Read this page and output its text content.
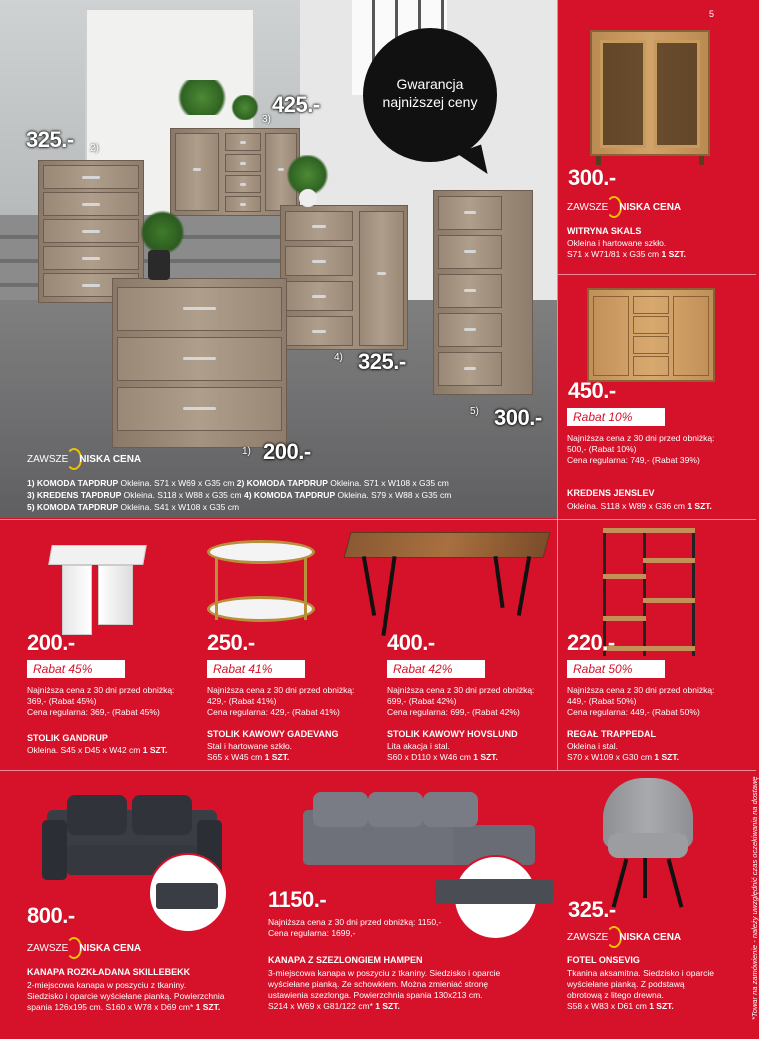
325.- 2)
425.-
3)
325.-
4)
300.-
5)
200.-
1)
ZAWSZE NISKA CENA
1) KOMODA TAPDRUP Okleina. S71 x W69 x G35 cm 2) KOMODA TAPDRUP Okleina. S71 x W108 x G35 cm
3) KREDENS TAPDRUP Okleina. S118 x W88 x G35 cm 4) KOMODA TAPDRUP Okleina. S79 x W88 x G35 cm
5) KOMODA TAPDRUP Okleina. S41 x W108 x G35 cm
Gwarancja
najniższej ceny
5
300.-
ZAWSZE NISKA CENA
WITRYNA SKALS
Okleina i hartowane szkło.
S71 x W71/81 x G35 cm 1 SZT.
450.-
Rabat 10%
Najniższa cena z 30 dni przed obniżką:
500,- (Rabat 10%)
Cena regularna: 749,- (Rabat 39%)
KREDENS JENSLEV
Okleina. S118 x W89 x G36 cm 1 SZT.
200.-
Rabat 45%
Najniższa cena z 30 dni przed obniżką:
369,- (Rabat 45%)
Cena regularna: 369,- (Rabat 45%)
STOLIK GANDRUP
Okleina. S45 x D45 x W42 cm 1 SZT.
250.-
Rabat 41%
Najniższa cena z 30 dni przed obniżką:
429,- (Rabat 41%)
Cena regularna: 429,- (Rabat 41%)
STOLIK KAWOWY GADEVANG
Stal i hartowane szkło.
S65 x W45 cm 1 SZT.
400.-
Rabat 42%
Najniższa cena z 30 dni przed obniżką:
699,- (Rabat 42%)
Cena regularna: 699,- (Rabat 42%)
STOLIK KAWOWY HOVSLUND
Lita akacja i stal.
S60 x D110 x W46 cm 1 SZT.
220.-
Rabat 50%
Najniższa cena z 30 dni przed obniżką:
449,- (Rabat 50%)
Cena regularna: 449,- (Rabat 50%)
REGAŁ TRAPPEDAL
Okleina i stal.
S70 x W109 x G30 cm 1 SZT.
800.-
ZAWSZE NISKA CENA
KANAPA ROZKŁADANA SKILLEBEKK
2-miejscowa kanapa w poszyciu z tkaniny.
Siedzisko i oparcie wyściełane pianką. Powierzchnia
spania 126x195 cm. S160 x W78 x D69 cm* 1 SZT.
1150.-
Najniższa cena z 30 dni przed obniżką: 1150,-
Cena regularna: 1699,-
KANAPA Z SZEZLONGIEM HAMPEN
3-miejscowa kanapa w poszyciu z tkaniny. Siedzisko i oparcie
wyściełane pianką. Ze schowkiem. Można zmieniać stronę
ustawienia szezlonga. Powierzchnia spania 130x213 cm.
S214 x W69 x G81/122 cm* 1 SZT.
325.-
ZAWSZE NISKA CENA
FOTEL ONSEVIG
Tkanina aksamitna. Siedzisko i oparcie
wyściełane pianką. Z podstawą
obrotową z litego drewna.
S58 x W83 x D61 cm 1 SZT.	*Towar na zamówienie - należy uwzględnić czas oczekiwania na dostawę
